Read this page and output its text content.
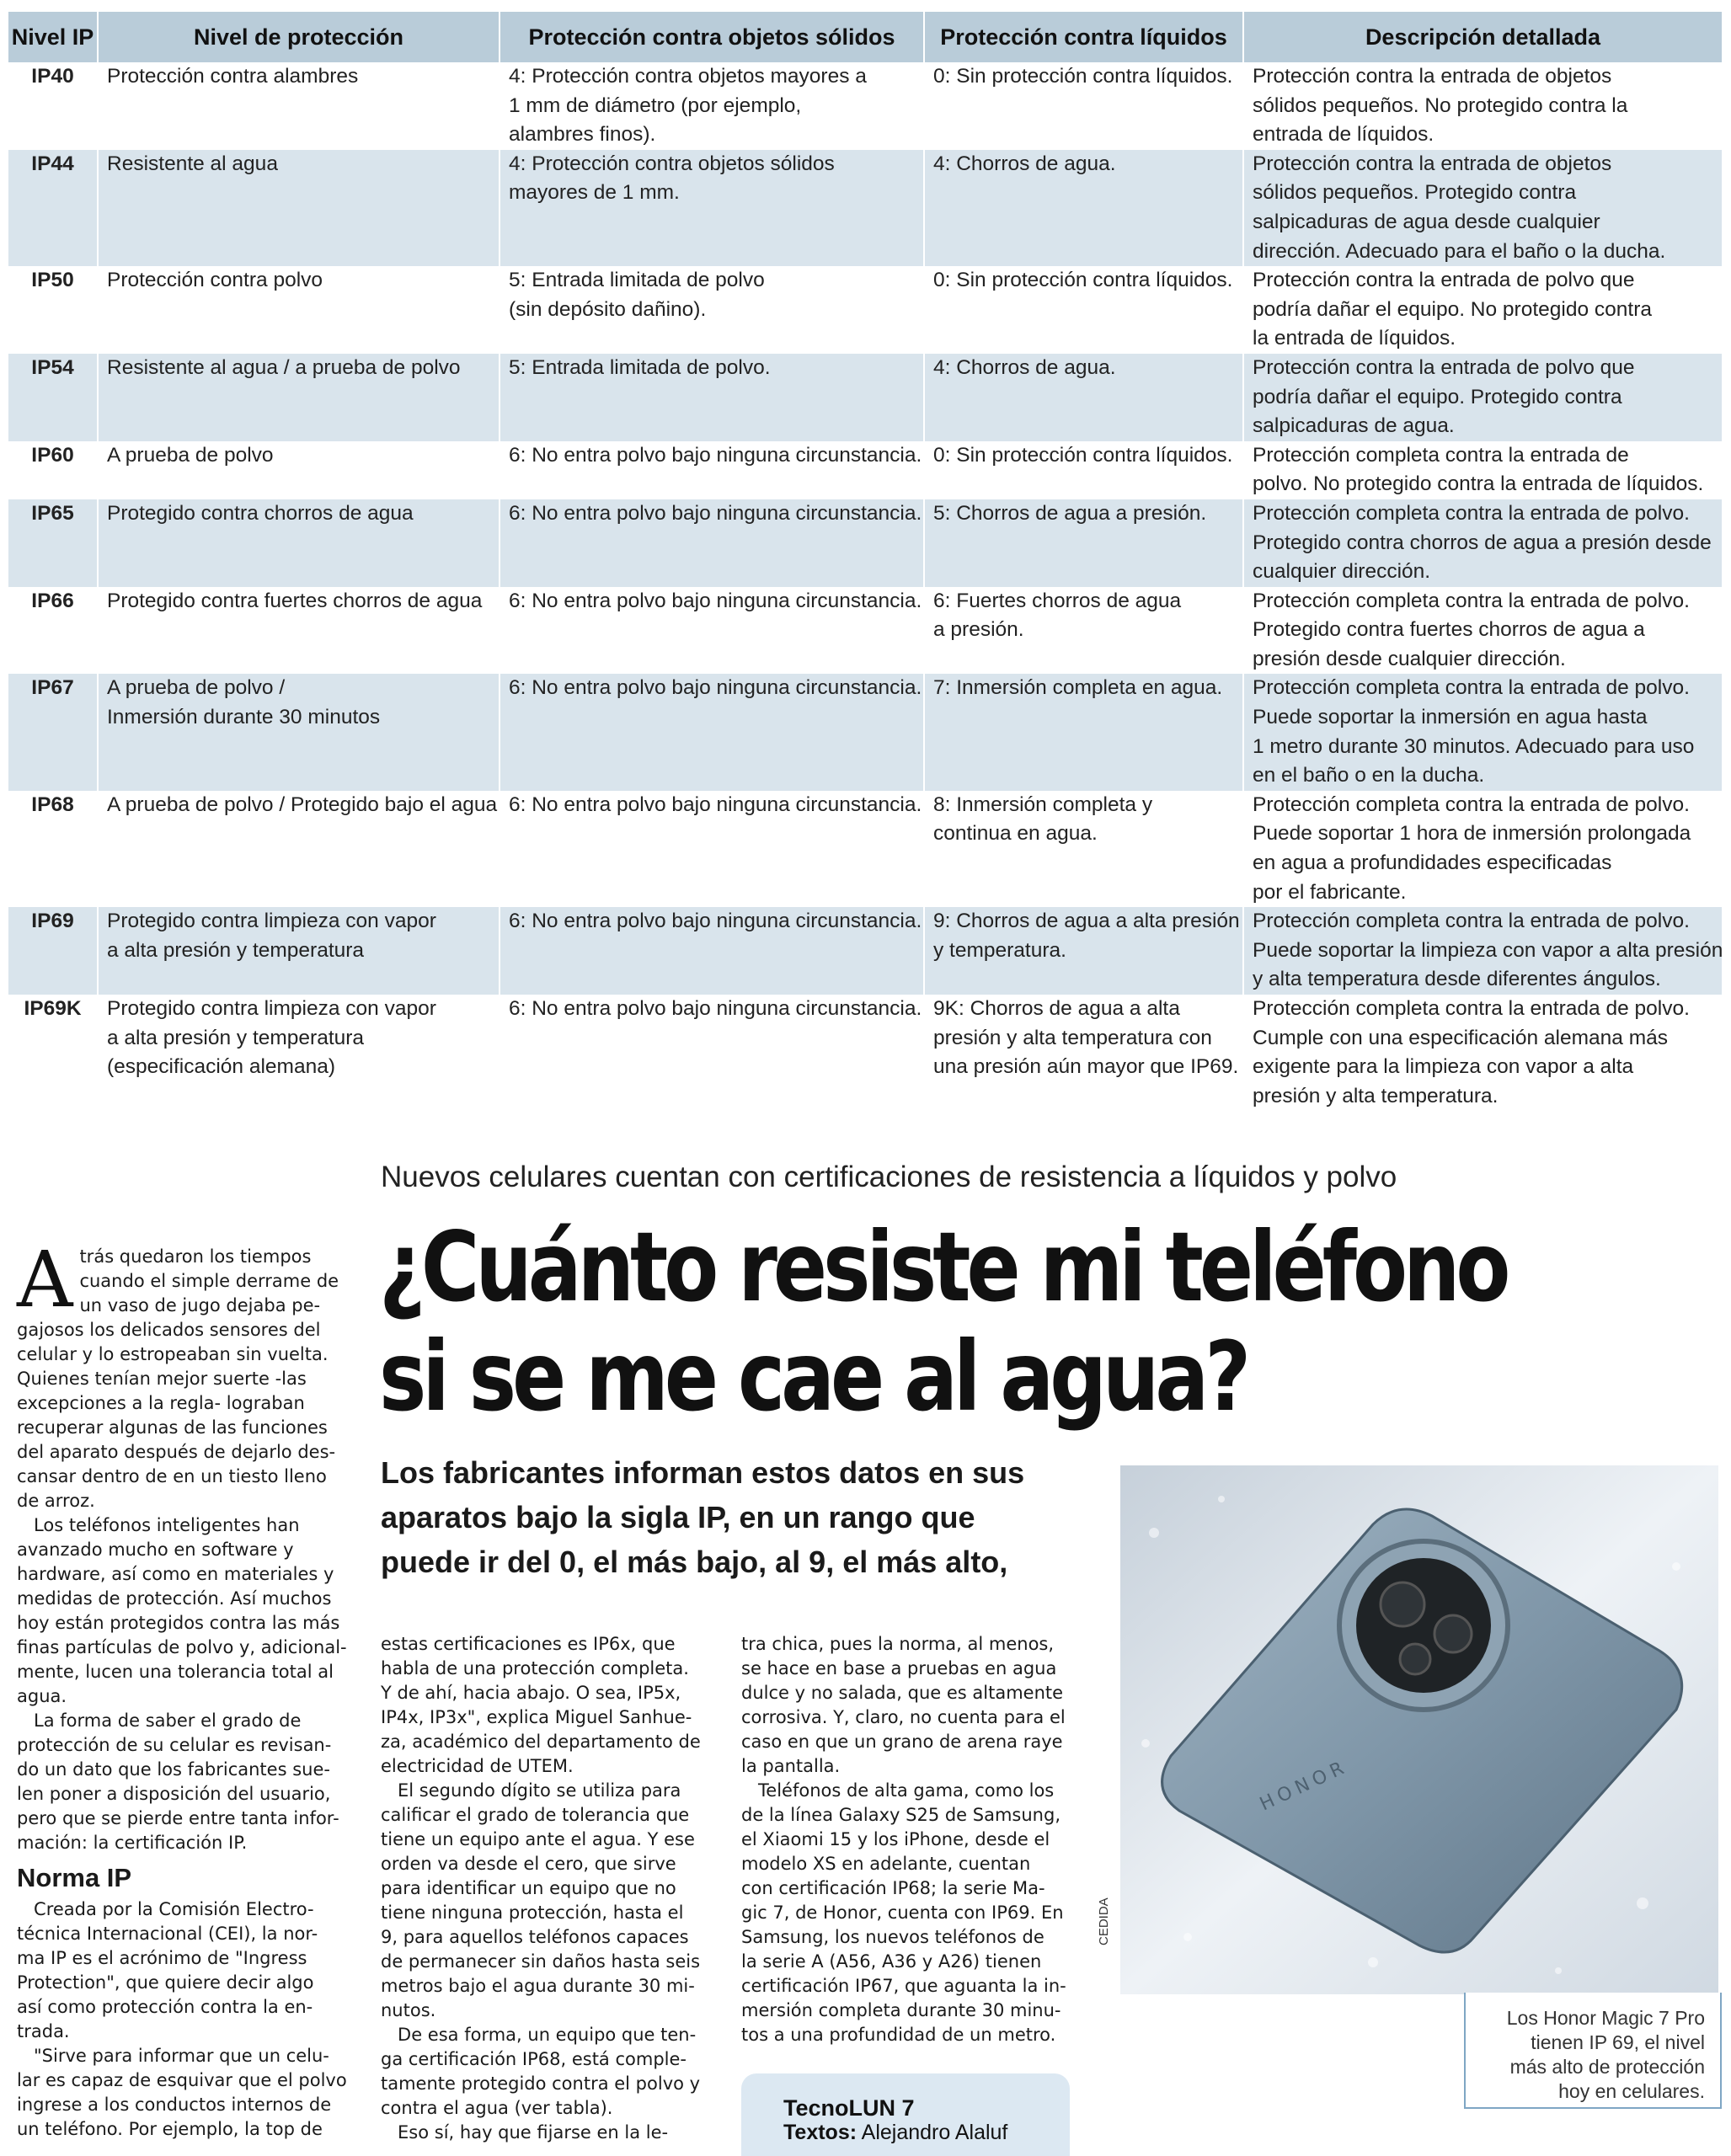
Nivel IP	Nivel de protección	Protección contra objetos sólidos	Protección contra líquidos	Descripción detallada
IP40	Protección contra alambres	4: Protección contra objetos mayores a
1 mm de diámetro (por ejemplo,
alambres finos).	0: Sin protección contra líquidos.	Protección contra la entrada de objetos
sólidos pequeños. No protegido contra la
entrada de líquidos.

IP44	Resistente al agua	4: Protección contra objetos sólidos
mayores de 1 mm.	4: Chorros de agua.	Protección contra la entrada de objetos
sólidos pequeños. Protegido contra
salpicaduras de agua desde cualquier
dirección. Adecuado para el baño o la ducha.

IP50	Protección contra polvo	5: Entrada limitada de polvo
(sin depósito dañino).	0: Sin protección contra líquidos.	Protección contra la entrada de polvo que
podría dañar el equipo. No protegido contra
la entrada de líquidos.

IP54	Resistente al agua / a prueba de polvo	5: Entrada limitada de polvo.	4: Chorros de agua.	Protección contra la entrada de polvo que
podría dañar el equipo. Protegido contra
salpicaduras de agua.

IP60	A prueba de polvo	6: No entra polvo bajo ninguna circunstancia.	0: Sin protección contra líquidos.	Protección completa contra la entrada de
polvo. No protegido contra la entrada de líquidos.

IP65	Protegido contra chorros de agua	6: No entra polvo bajo ninguna circunstancia.	5: Chorros de agua a presión.	Protección completa contra la entrada de polvo.
Protegido contra chorros de agua a presión desde
cualquier dirección.

IP66	Protegido contra fuertes chorros de agua	6: No entra polvo bajo ninguna circunstancia.	6: Fuertes chorros de agua
a presión.	Protección completa contra la entrada de polvo.
Protegido contra fuertes chorros de agua a
presión desde cualquier dirección.

IP67	A prueba de polvo /
Inmersión durante 30 minutos	6: No entra polvo bajo ninguna circunstancia.	7: Inmersión completa en agua.	Protección completa contra la entrada de polvo.
Puede soportar la inmersión en agua hasta
1 metro durante 30 minutos. Adecuado para uso
en el baño o en la ducha.

IP68	A prueba de polvo / Protegido bajo el agua	6: No entra polvo bajo ninguna circunstancia.	8: Inmersión completa y
continua en agua.	Protección completa contra la entrada de polvo.
Puede soportar 1 hora de inmersión prolongada
en agua a profundidades especificadas
por el fabricante.

IP69	Protegido contra limpieza con vapor
a alta presión y temperatura	6: No entra polvo bajo ninguna circunstancia.	9: Chorros de agua a alta presión
y temperatura.	Protección completa contra la entrada de polvo.
Puede soportar la limpieza con vapor a alta presión
y alta temperatura desde diferentes ángulos.

IP69K	Protegido contra limpieza con vapor
a alta presión y temperatura
(especificación alemana)	6: No entra polvo bajo ninguna circunstancia.	9K: Chorros de agua a alta
presión y alta temperatura con
una presión aún mayor que IP69.	Protección completa contra la entrada de polvo.
Cumple con una especificación alemana más
exigente para la limpieza con vapor a alta
presión y alta temperatura.
Nuevos celulares cuentan con certificaciones de resistencia a líquidos y polvo
¿Cuánto resiste mi teléfono
si se me cae al agua?
Los fabricantes informan estos datos en sus
aparatos bajo la sigla IP, en un rango que
puede ir del 0, el más bajo, al 9, el más alto,
A trás quedaron los tiempos
cuando el simple derrame de
un vaso de jugo dejaba pe-
gajosos los delicados sensores del
celular y lo estropeaban sin vuelta.
Quienes tenían mejor suerte -las
excepciones a la regla- lograban
recuperar algunas de las funciones
del aparato después de dejarlo des-
cansar dentro de en un tiesto lleno
de arroz.
Los teléfonos inteligentes han
avanzado mucho en software y
hardware, así como en materiales y
medidas de protección. Así muchos
hoy están protegidos contra las más
finas partículas de polvo y, adicional-
mente, lucen una tolerancia total al
agua.
La forma de saber el grado de
protección de su celular es revisan-
do un dato que los fabricantes sue-
len poner a disposición del usuario,
pero que se pierde entre tanta infor-
mación: la certificación IP.
Norma IP
Creada por la Comisión Electro-
técnica Internacional (CEI), la nor-
ma IP es el acrónimo de "Ingress
Protection", que quiere decir algo
así como protección contra la en-
trada.
"Sirve para informar que un celu-
lar es capaz de esquivar que el polvo
ingrese a los conductos internos de
un teléfono. Por ejemplo, la top de
estas certificaciones es IP6x, que
habla de una protección completa.
Y de ahí, hacia abajo. O sea, IP5x,
IP4x, IP3x", explica Miguel Sanhue-
za, académico del departamento de
electricidad de UTEM.
El segundo dígito se utiliza para
calificar el grado de tolerancia que
tiene un equipo ante el agua. Y ese
orden va desde el cero, que sirve
para identificar un equipo que no
tiene ninguna protección, hasta el
9, para aquellos teléfonos capaces
de permanecer sin daños hasta seis
metros bajo el agua durante 30 mi-
nutos.
De esa forma, un equipo que ten-
ga certificación IP68, está comple-
tamente protegido contra el polvo y
contra el agua (ver tabla).
Eso sí, hay que fijarse en la le-
tra chica, pues la norma, al menos,
se hace en base a pruebas en agua
dulce y no salada, que es altamente
corrosiva. Y, claro, no cuenta para el
caso en que un grano de arena raye
la pantalla.
Teléfonos de alta gama, como los
de la línea Galaxy S25 de Samsung,
el Xiaomi 15 y los iPhone, desde el
modelo XS en adelante, cuentan
con certificación IP68; la serie Ma-
gic 7, de Honor, cuenta con IP69. En
Samsung, los nuevos teléfonos de
la serie A (A56, A36 y A26) tienen
certificación IP67, que aguanta la in-
mersión completa durante 30 minu-
tos a una profundidad de un metro.
HONOR
CEDIDA
Los Honor Magic 7 Pro
tienen IP 69, el nivel
más alto de protección
hoy en celulares.
TecnoLUN 7
Textos: Alejandro Alaluf
